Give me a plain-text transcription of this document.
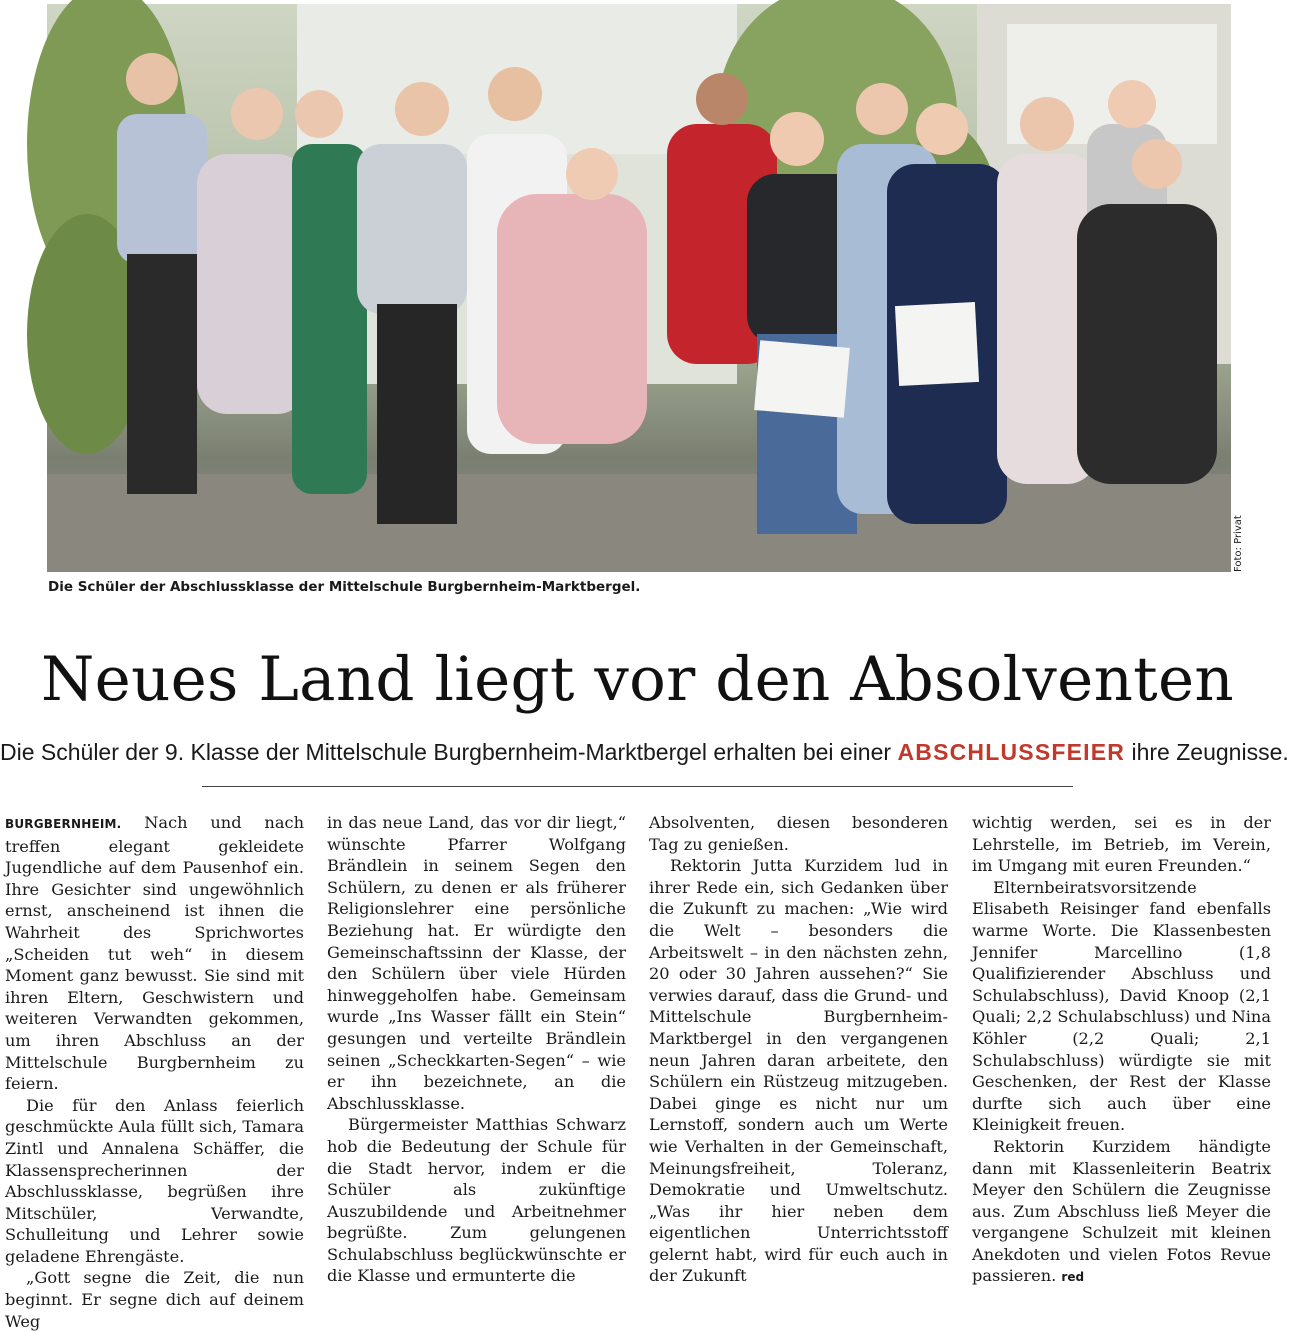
Foto: Privat
Die Schüler der Abschlussklasse der Mittelschule Burgbernheim-Marktbergel.
Neues Land liegt vor den Absolventen
Die Schüler der 9. Klasse der Mittelschule Burgbernheim-Marktbergel erhalten bei einer ABSCHLUSSFEIER ihre Zeugnisse.

BURGBERNHEIM. Nach und nach treffen elegant gekleidete Jugendliche auf dem Pausenhof ein. Ihre Gesichter sind ungewöhnlich ernst, anscheinend ist ihnen die Wahrheit des Sprichwortes „Scheiden tut weh“ in diesem Moment ganz bewusst. Sie sind mit ihren Eltern, Geschwistern und weiteren Verwandten gekommen, um ihren Abschluss an der Mittelschule Burgbernheim zu feiern.

Die für den Anlass feierlich geschmückte Aula füllt sich, Tamara Zintl und Annalena Schäffer, die Klassensprecherinnen der Abschlussklasse, begrüßen ihre Mitschüler, Verwandte, Schulleitung und Lehrer sowie geladene Ehrengäste.

„Gott segne die Zeit, die nun beginnt. Er segne dich auf deinem Weg

in das neue Land, das vor dir liegt,“ wünschte Pfarrer Wolfgang Brändlein in seinem Segen den Schülern, zu denen er als früherer Religionslehrer eine persönliche Beziehung hat. Er würdigte den Gemeinschaftssinn der Klasse, der den Schülern über viele Hürden hinweggeholfen habe. Gemeinsam wurde „Ins Wasser fällt ein Stein“ gesungen und verteilte Brändlein seinen „Scheckkarten-Segen“ – wie er ihn bezeichnete, an die Abschlussklasse.

Bürgermeister Matthias Schwarz hob die Bedeutung der Schule für die Stadt hervor, indem er die Schüler als zukünftige Auszubildende und Arbeitnehmer begrüßte. Zum gelungenen Schulabschluss beglückwünschte er die Klasse und ermunterte die

Absolventen, diesen besonderen Tag zu genießen.

Rektorin Jutta Kurzidem lud in ihrer Rede ein, sich Gedanken über die Zukunft zu machen: „Wie wird die Welt – besonders die Arbeitswelt – in den nächsten zehn, 20 oder 30 Jahren aussehen?“ Sie verwies darauf, dass die Grund- und Mittelschule Burgbernheim-Marktbergel in den vergangenen neun Jahren daran arbeitete, den Schülern ein Rüstzeug mitzugeben. Dabei ginge es nicht nur um Lernstoff, sondern auch um Werte wie Verhalten in der Gemeinschaft, Meinungsfreiheit, Toleranz, Demokratie und Umweltschutz. „Was ihr hier neben dem eigentlichen Unterrichtsstoff gelernt habt, wird für euch auch in der Zukunft

wichtig werden, sei es in der Lehrstelle, im Betrieb, im Verein, im Umgang mit euren Freunden.“

Elternbeiratsvorsitzende Elisabeth Reisinger fand ebenfalls warme Worte. Die Klassenbesten Jennifer Marcellino (1,8 Qualifizierender Abschluss und Schulabschluss), David Knoop (2,1 Quali; 2,2 Schulabschluss) und Nina Köhler (2,2 Quali; 2,1 Schulabschluss) würdigte sie mit Geschenken, der Rest der Klasse durfte sich auch über eine Kleinigkeit freuen.

Rektorin Kurzidem händigte dann mit Klassenleiterin Beatrix Meyer den Schülern die Zeugnisse aus. Zum Abschluss ließ Meyer die vergangene Schulzeit mit kleinen Anekdoten und vielen Fotos Revue passieren. red
